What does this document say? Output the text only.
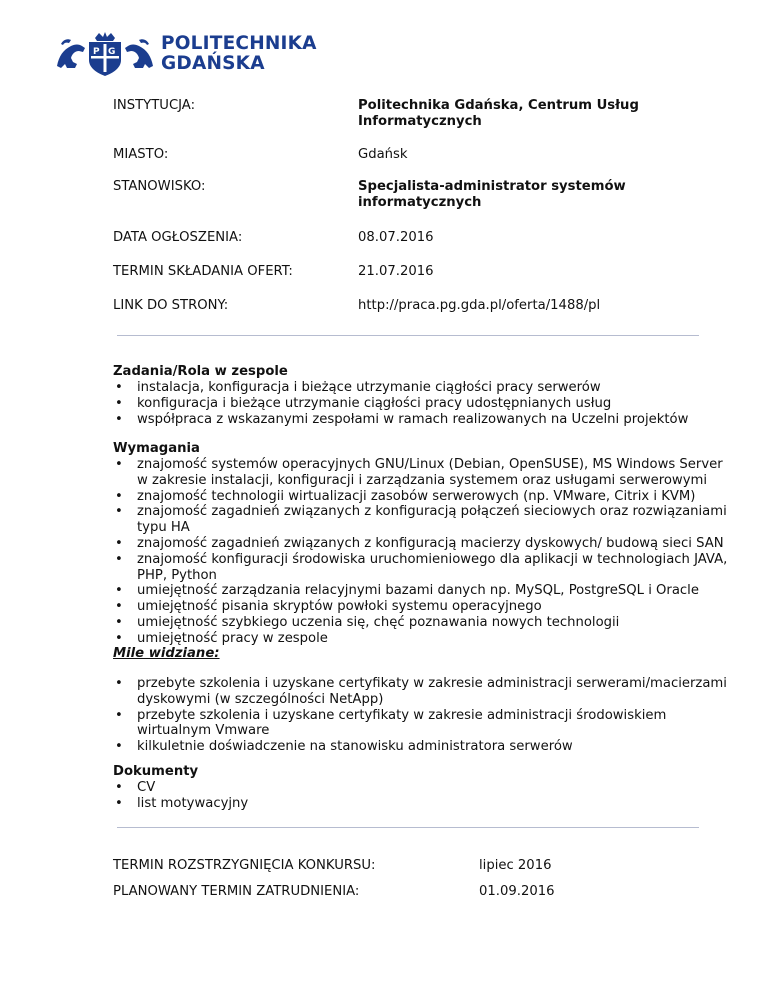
P G POLITECHNIKA
GDAŃSKA
INSTYTUCJA:	Politechnika Gdańska, Centrum Usług Informatycznych
MIASTO:	Gdańsk
STANOWISKO:	Specjalista-administrator systemów informatycznych
DATA OGŁOSZENIA:	08.07.2016
TERMIN SKŁADANIA OFERT:	21.07.2016
LINK DO STRONY:	http://praca.pg.gda.pl/oferta/1488/pl
Zadania/Rola w zespole
• instalacja, konfiguracja i bieżące utrzymanie ciągłości pracy serwerów
• konfiguracja i bieżące utrzymanie ciągłości pracy udostępnianych usług
• współpraca z wskazanymi zespołami w ramach realizowanych na Uczelni projektów
Wymagania
• znajomość systemów operacyjnych GNU/Linux (Debian, OpenSUSE), MS Windows Server w zakresie instalacji, konfiguracji i zarządzania systemem oraz usługami serwerowymi
• znajomość technologii wirtualizacji zasobów serwerowych (np. VMware, Citrix i KVM)
• znajomość zagadnień związanych z konfiguracją połączeń sieciowych oraz rozwiązaniami typu HA
• znajomość zagadnień związanych z konfiguracją macierzy dyskowych/ budową sieci SAN
• znajomość konfiguracji środowiska uruchomieniowego dla aplikacji w technologiach JAVA, PHP, Python
• umiejętność zarządzania relacyjnymi bazami danych np. MySQL, PostgreSQL i Oracle
• umiejętność pisania skryptów powłoki systemu operacyjnego
• umiejętność szybkiego uczenia się, chęć poznawania nowych technologii
• umiejętność pracy w zespole
Mile widziane:
• przebyte szkolenia i uzyskane certyfikaty w zakresie administracji serwerami/macierzami dyskowymi (w szczególności NetApp)
• przebyte szkolenia i uzyskane certyfikaty w zakresie administracji środowiskiem wirtualnym Vmware
• kilkuletnie doświadczenie na stanowisku administratora serwerów
Dokumenty
• CV
• list motywacyjny
TERMIN ROZSTRZYGNIĘCIA KONKURSU:	lipiec 2016
PLANOWANY TERMIN ZATRUDNIENIA:	01.09.2016
